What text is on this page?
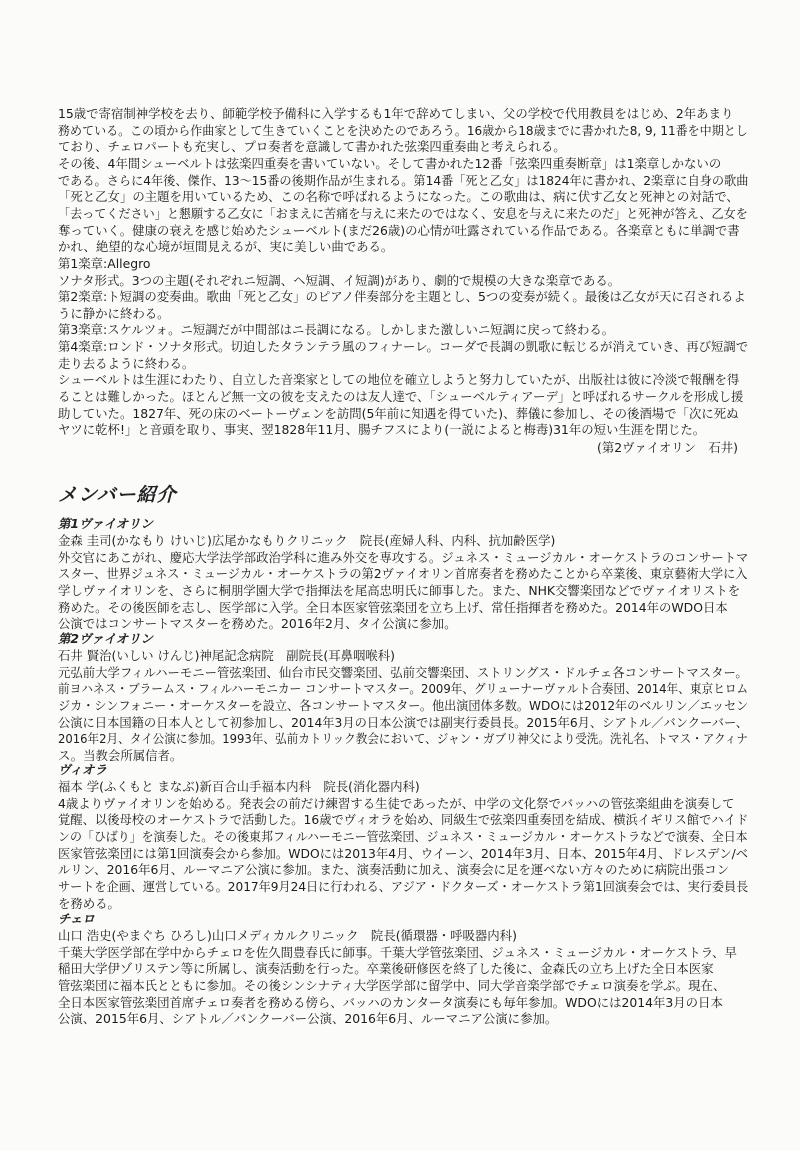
15歳で寄宿制神学校を去り、師範学校予備科に入学するも1年で辞めてしまい、父の学校で代用教員をはじめ、2年あまり
務めている。この頃から作曲家として生きていくことを決めたのであろう。16歳から18歳までに書かれた8, 9, 11番を中期とし
ており、チェロパートも充実し、プロ奏者を意識して書かれた弦楽四重奏曲と考えられる。
その後、4年間シューベルトは弦楽四重奏を書いていない。そして書かれた12番「弦楽四重奏断章」は1楽章しかないの
である。さらに4年後、傑作、13～15番の後期作品が生まれる。第14番「死と乙女」は1824年に書かれ、2楽章に自身の歌曲
「死と乙女」の主題を用いているため、この名称で呼ばれるようになった。この歌曲は、病に伏す乙女と死神との対話で、
「去ってください」と懇願する乙女に「おまえに苦痛を与えに来たのではなく、安息を与えに来たのだ」と死神が答え、乙女を
奪っていく。健康の衰えを感じ始めたシューベルト(まだ26歳)の心情が吐露されている作品である。各楽章ともに単調で書
かれ、絶望的な心境が垣間見えるが、実に美しい曲である。
第1楽章:Allegro
ソナタ形式。3つの主題(それぞれニ短調、ヘ短調、イ短調)があり、劇的で規模の大きな楽章である。
第2楽章:ト短調の変奏曲。歌曲「死と乙女」のピアノ伴奏部分を主題とし、5つの変奏が続く。最後は乙女が天に召されるよ
うに静かに終わる。
第3楽章:スケルツォ。ニ短調だが中間部はニ長調になる。しかしまた激しいニ短調に戻って終わる。
第4楽章:ロンド・ソナタ形式。切迫したタランテラ風のフィナーレ。コーダで長調の凱歌に転じるが消えていき、再び短調で
走り去るように終わる。
シューベルトは生涯にわたり、自立した音楽家としての地位を確立しようと努力していたが、出版社は彼に冷淡で報酬を得
ることは難しかった。ほとんど無一文の彼を支えたのは友人達で、「シューベルティアーデ」と呼ばれるサークルを形成し援
助していた。1827年、死の床のベートーヴェンを訪問(5年前に知遇を得ていた)、葬儀に参加し、その後酒場で「次に死ぬ
ヤツに乾杯!」と音頭を取り、事実、翌1828年11月、腸チフスにより(一説によると梅毒)31年の短い生涯を閉じた。
(第2ヴァイオリン　石井)
メンバー紹介
第1ヴァイオリン
金森 圭司(かなもり けいじ)広尾かなもりクリニック　院長(産婦人科、内科、抗加齢医学)
外交官にあこがれ、慶応大学法学部政治学科に進み外交を専攻する。ジュネス・ミュージカル・オーケストラのコンサートマ
スター、世界ジュネス・ミュージカル・オーケストラの第2ヴァイオリン首席奏者を務めたことから卒業後、東京藝術大学に入
学しヴァイオリンを、さらに桐朋学園大学で指揮法を尾高忠明氏に師事した。また、NHK交響楽団などでヴァイオリストを
務めた。その後医師を志し、医学部に入学。全日本医家管弦楽団を立ち上げ、常任指揮者を務めた。2014年のWDO日本
公演ではコンサートマスターを務めた。2016年2月、タイ公演に参加。
第2ヴァイオリン
石井 賢治(いしい けんじ)神尾記念病院　副院長(耳鼻咽喉科)
元弘前大学フィルハーモニー管弦楽団、仙台市民交響楽団、弘前交響楽団、ストリングス・ドルチェ各コンサートマスター。
前ヨハネス・ブラームス・フィルハーモニカー コンサートマスター。2009年、グリューナーヴァルト合奏団、2014年、東京ヒロム
ジカ・シンフォニー・オーケスターを設立、各コンサートマスター。他出演団体多数。WDOには2012年のベルリン／エッセン
公演に日本国籍の日本人として初参加し、2014年3月の日本公演では副実行委員長。2015年6月、シアトル／バンクーバー、
2016年2月、タイ公演に参加。1993年、弘前カトリック教会において、ジャン・ガブリ神父により受洗。洗礼名、トマス・アクィナ
ス。当教会所属信者。
ヴィオラ
福本 学(ふくもと まなぶ)新百合山手福本内科　院長(消化器内科)
4歳よりヴァイオリンを始める。発表会の前だけ練習する生徒であったが、中学の文化祭でバッハの管弦楽組曲を演奏して
覚醒、以後母校のオーケストラで活動した。16歳でヴィオラを始め、同級生で弦楽四重奏団を結成、横浜イギリス館でハイド
ンの「ひばり」を演奏した。その後東邦フィルハーモニー管弦楽団、ジュネス・ミュージカル・オーケストラなどで演奏、全日本
医家管弦楽団には第1回演奏会から参加。WDOには2013年4月、ウイーン、2014年3月、日本、2015年4月、ドレスデン/ベ
ルリン、2016年6月、ルーマニア公演に参加。また、演奏活動に加え、演奏会に足を運べない方々のために病院出張コン
サートを企画、運営している。2017年9月24日に行われる、アジア・ドクターズ・オーケストラ第1回演奏会では、実行委員長
を務める。
チェロ
山口 浩史(やまぐち ひろし)山口メディカルクリニック　院長(循環器・呼吸器内科)
千葉大学医学部在学中からチェロを佐久間豊春氏に師事。千葉大学管弦楽団、ジュネス・ミュージカル・オーケストラ、早
稲田大学伊ゾリステン等に所属し、演奏活動を行った。卒業後研修医を終了した後に、金森氏の立ち上げた全日本医家
管弦楽団に福本氏とともに参加。その後シンシナティ大学医学部に留学中、同大学音楽学部でチェロ演奏を学ぶ。現在、
全日本医家管弦楽団首席チェロ奏者を務める傍ら、バッハのカンタータ演奏にも毎年参加。WDOには2014年3月の日本
公演、2015年6月、シアトル／バンクーバー公演、2016年6月、ルーマニア公演に参加。
